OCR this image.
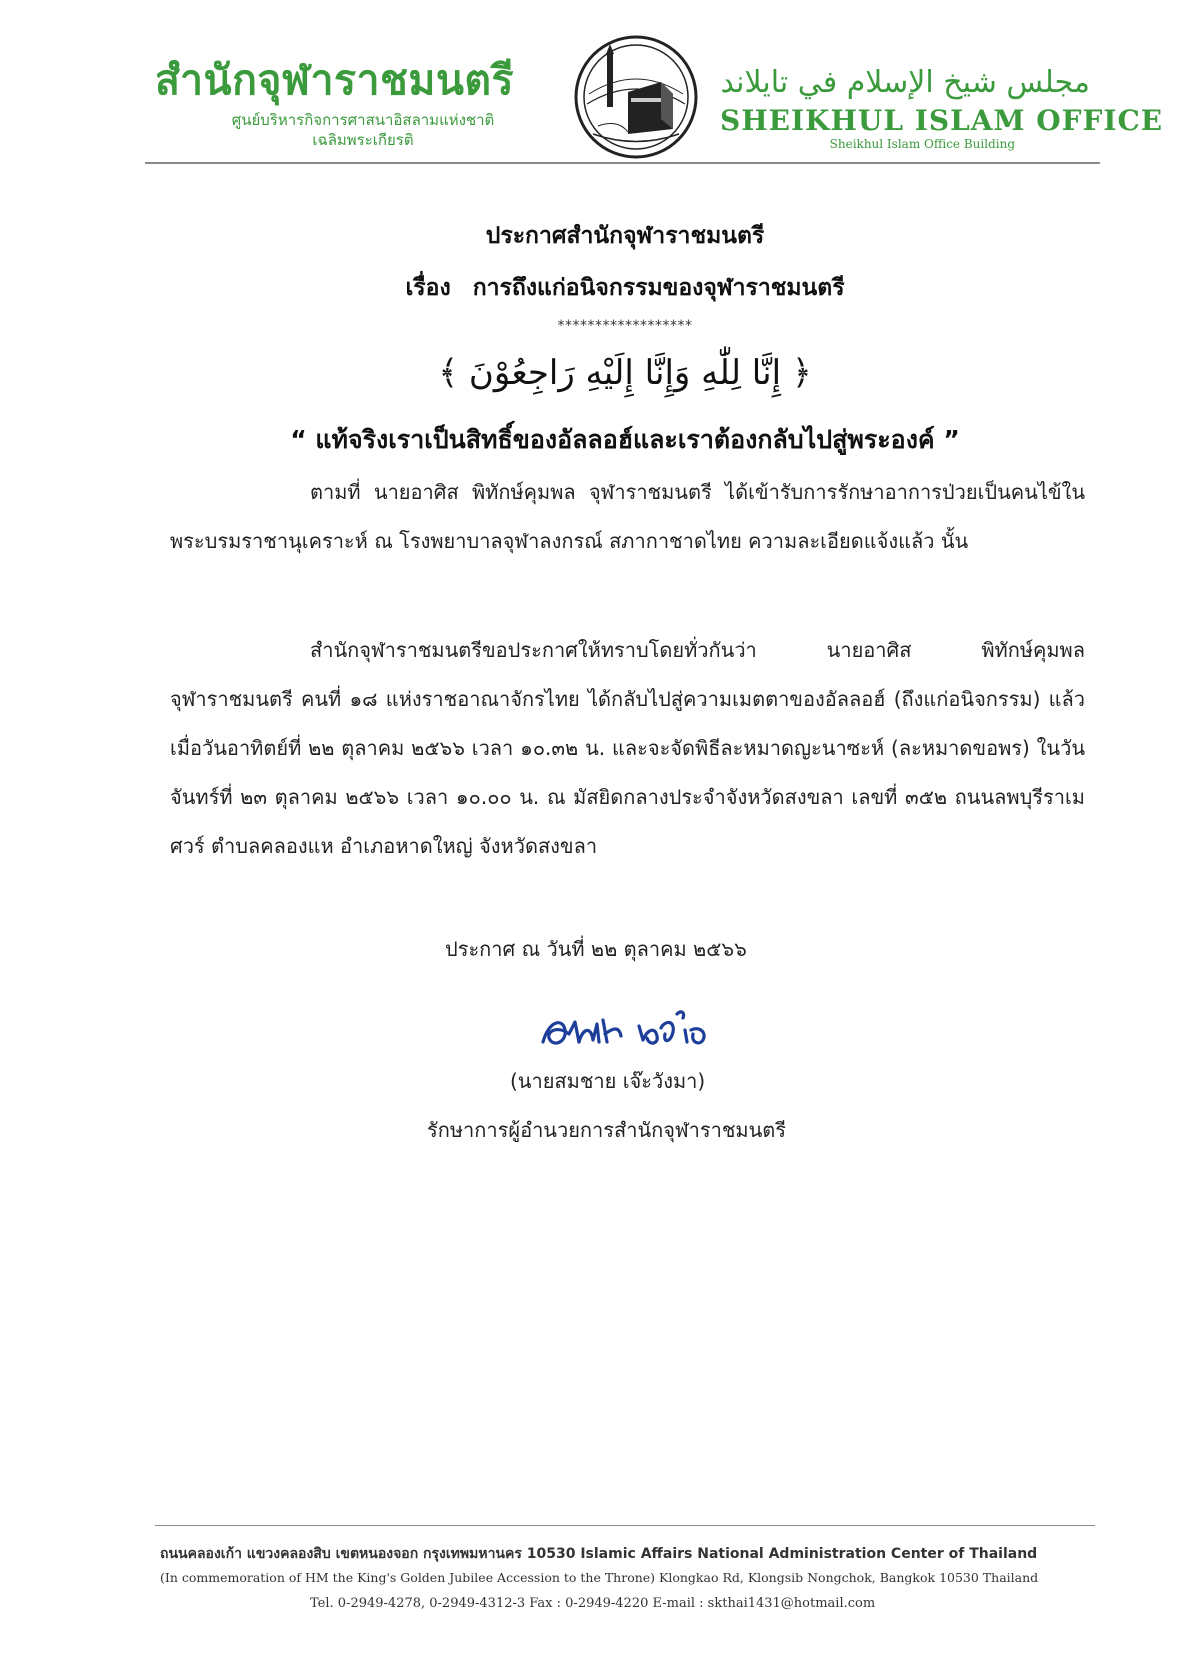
สำนักจุฬาราชมนตรี
ศูนย์บริหารกิจการศาสนาอิสลามแห่งชาติ
เฉลิมพระเกียรติ
مجلس شيخ الإسلام في تايلاند
SHEIKHUL ISLAM OFFICE
Sheikhul Islam Office Building
ประกาศสำนักจุฬาราชมนตรี
เรื่อง การถึงแก่อนิจกรรมของจุฬาราชมนตรี
******************
﴿ إِنَّا لِلّٰهِ وَإِنَّا إِلَيْهِ رَاجِعُوْنَ ﴾
“ แท้จริงเราเป็นสิทธิ์ของอัลลอฮ์และเราต้องกลับไปสู่พระองค์ ”
ตามที่ นายอาศิส พิทักษ์คุมพล จุฬาราชมนตรี ได้เข้ารับการรักษาอาการป่วยเป็นคนไข้ในพระบรมราชานุเคราะห์ ณ โรงพยาบาลจุฬาลงกรณ์ สภากาชาดไทย ความละเอียดแจ้งแล้ว นั้น
สำนักจุฬาราชมนตรีขอประกาศให้ทราบโดยทั่วกันว่า นายอาศิส พิทักษ์คุมพล จุฬาราชมนตรี คนที่ ๑๘ แห่งราชอาณาจักรไทย ได้กลับไปสู่ความเมตตาของอัลลอฮ์ (ถึงแก่อนิจกรรม) แล้ว เมื่อวันอาทิตย์ที่ ๒๒ ตุลาคม ๒๕๖๖ เวลา ๑๐.๓๒ น. และจะจัดพิธีละหมาดญะนาซะห์ (ละหมาดขอพร) ในวันจันทร์ที่ ๒๓ ตุลาคม ๒๕๖๖ เวลา ๑๐.๐๐ น. ณ มัสยิดกลางประจำจังหวัดสงขลา เลขที่ ๓๕๒ ถนนลพบุรีราเมศวร์ ตำบลคลองแห อำเภอหาดใหญ่ จังหวัดสงขลา
ประกาศ ณ วันที่ ๒๒ ตุลาคม ๒๕๖๖
(นายสมชาย เจ๊ะวังมา)
รักษาการผู้อำนวยการสำนักจุฬาราชมนตรี
ถนนคลองเก้า แขวงคลองสิบ เขตหนองจอก กรุงเทพมหานคร 10530 Islamic Affairs National Administration Center of Thailand
(In commemoration of HM the King's Golden Jubilee Accession to the Throne) Klongkao Rd, Klongsib Nongchok, Bangkok 10530 Thailand
Tel. 0-2949-4278, 0-2949-4312-3 Fax : 0-2949-4220 E-mail : skthai1431@hotmail.com
